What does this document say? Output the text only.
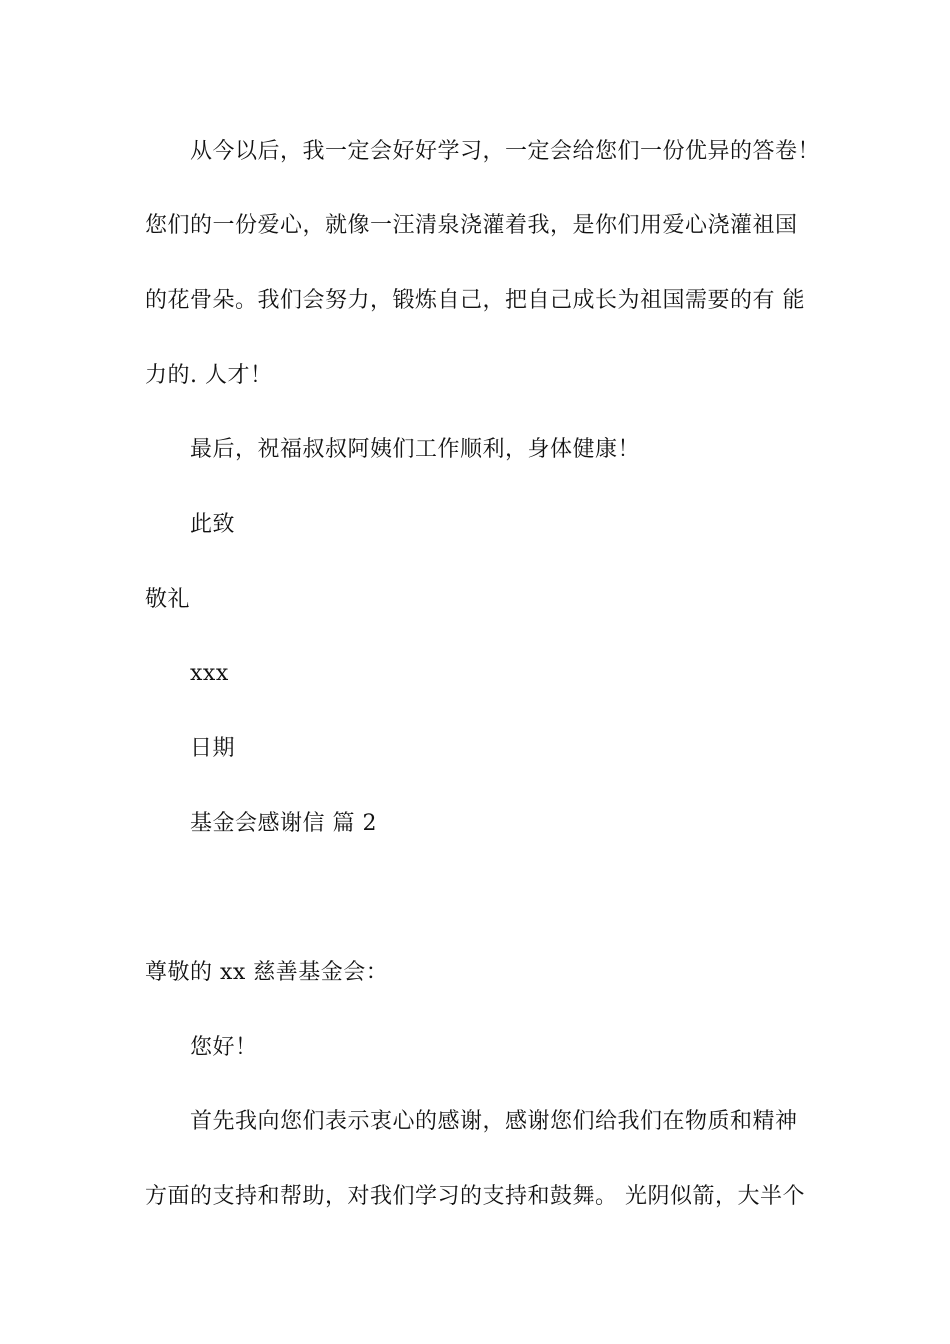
从今以后，我一定会好好学习，一定会给您们一份优异的答卷！
您们的一份爱心，就像一汪清泉浇灌着我，是你们用爱心浇灌祖国
的花骨朵。我们会努力，锻炼自己，把自己成长为祖国需要的有 能
力的. 人才！
最后，祝福叔叔阿姨们工作顺利，身体健康！
此致
敬礼
xxx
日期
基金会感谢信 篇 2
尊敬的 xx 慈善基金会：
您好！
首先我向您们表示衷心的感谢，感谢您们给我们在物质和精神
方面的支持和帮助，对我们学习的支持和鼓舞。 光阴似箭，大半个
